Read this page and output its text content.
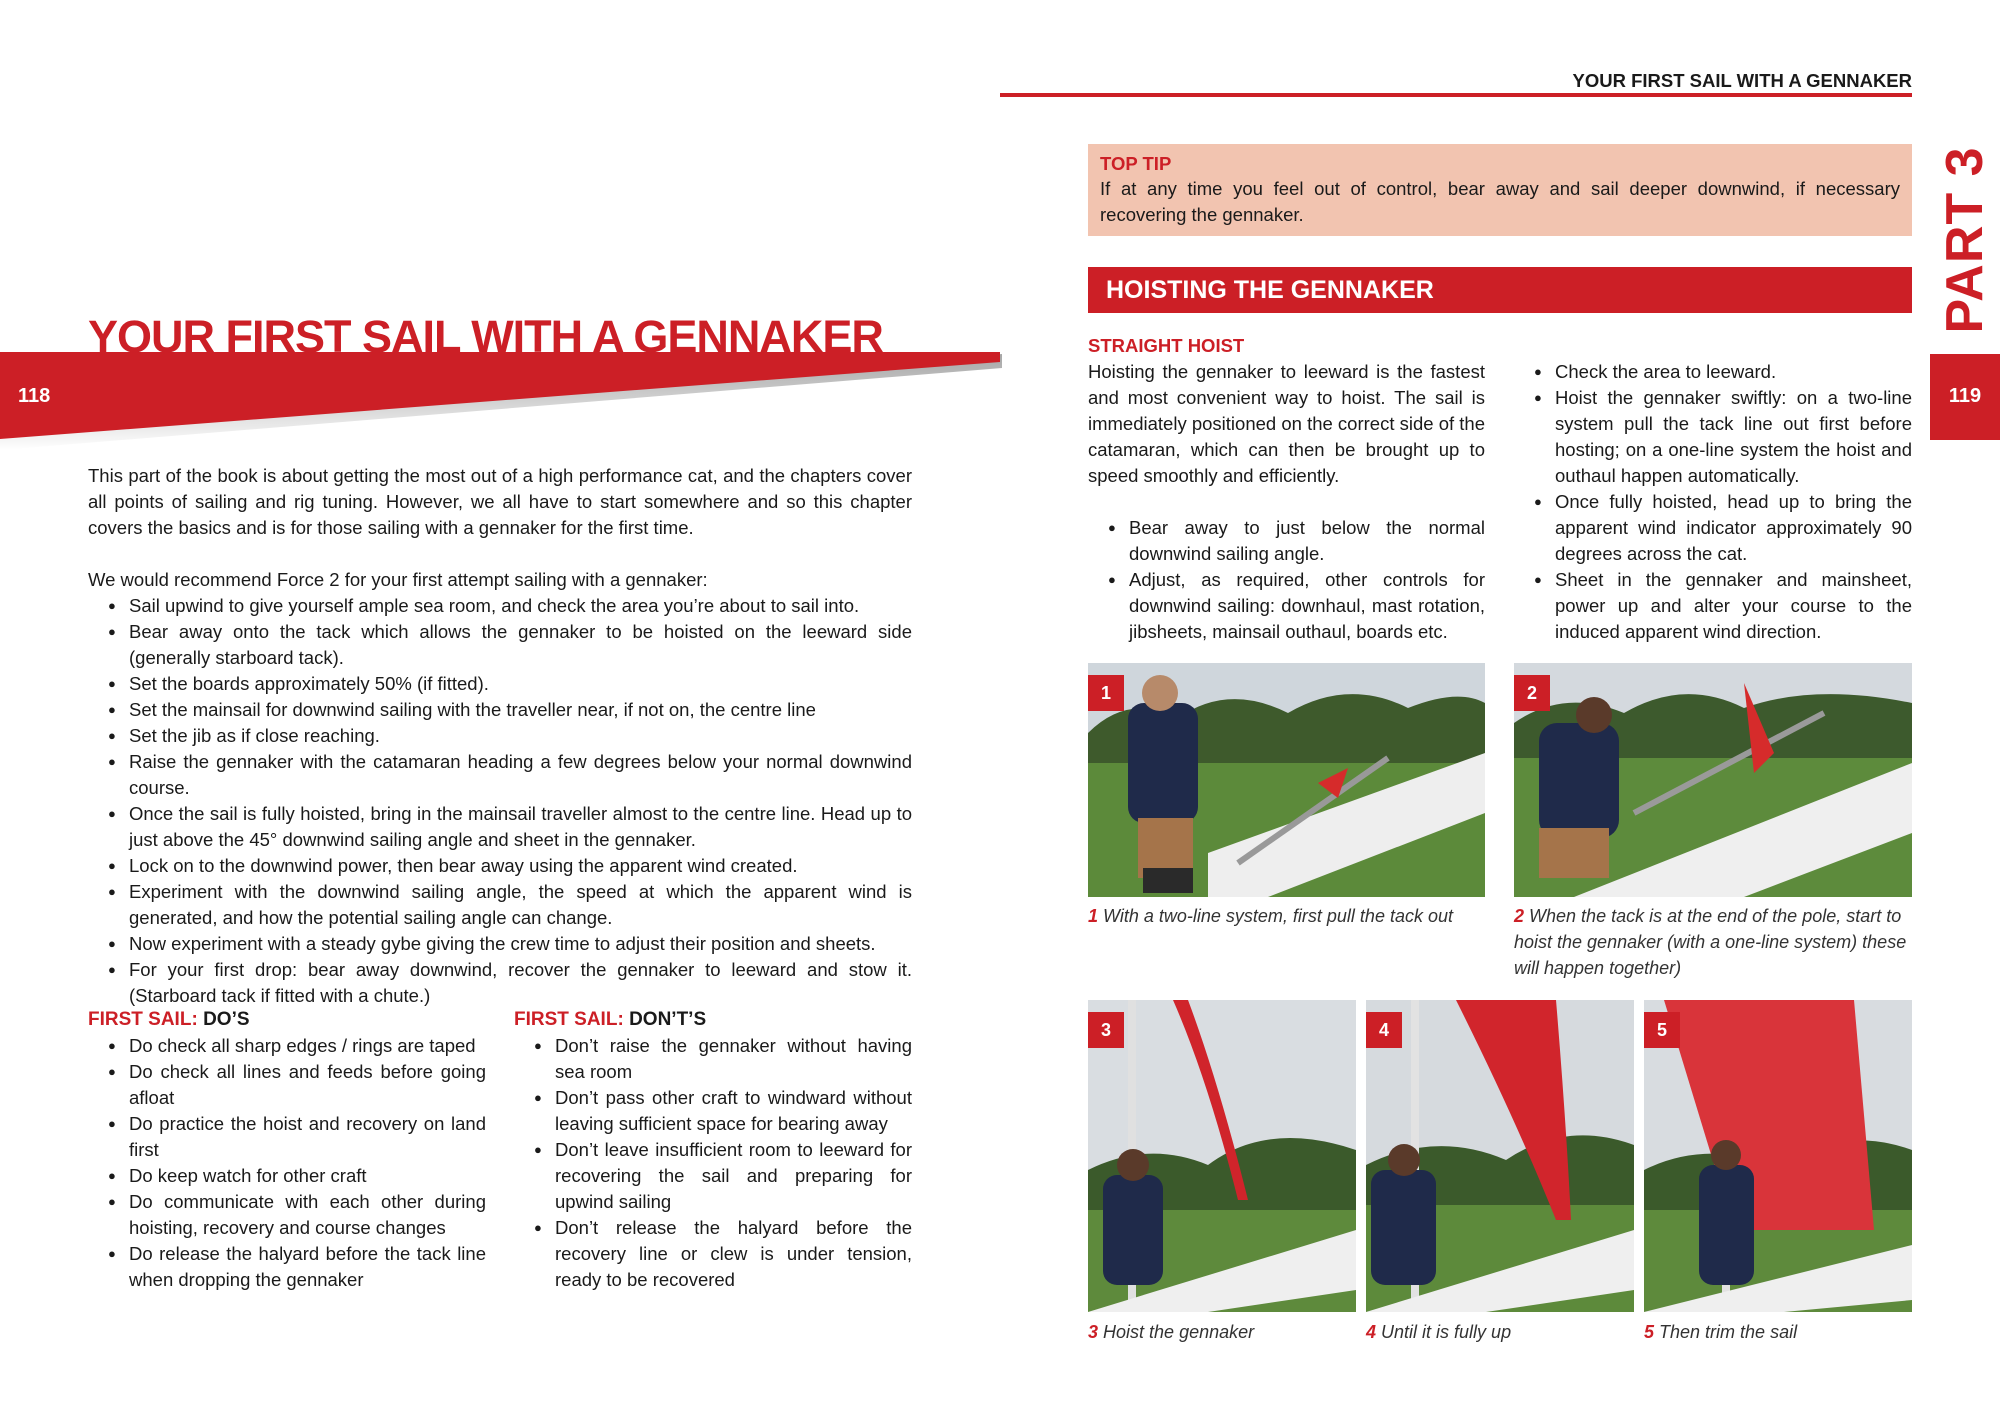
YOUR FIRST SAIL WITH A GENNAKER
118

This part of the book is about getting the most out of a high performance cat, and the chapters cover all points of sailing and rig tuning. However, we all have to start somewhere and so this chapter covers the basics and is for those sailing with a gennaker for the first time.

We would recommend Force 2 for your first attempt sailing with a gennaker:

● Sail upwind to give yourself ample sea room, and check the area you’re about to sail into.
● Bear away onto the tack which allows the gennaker to be hoisted on the leeward side (generally starboard tack).
● Set the boards approximately 50% (if fitted).
● Set the mainsail for downwind sailing with the traveller near, if not on, the centre line
● Set the jib as if close reaching.
● Raise the gennaker with the catamaran heading a few degrees below your normal downwind course.
● Once the sail is fully hoisted, bring in the mainsail traveller almost to the centre line. Head up to just above the 45° downwind sailing angle and sheet in the gennaker.
● Lock on to the downwind power, then bear away using the apparent wind created.
● Experiment with the downwind sailing angle, the speed at which the apparent wind is generated, and how the potential sailing angle can change.
● Now experiment with a steady gybe giving the crew time to adjust their position and sheets.
● For your first drop: bear away downwind, recover the gennaker to leeward and stow it. (Starboard tack if fitted with a chute.)
FIRST SAIL: DO’S
● Do check all sharp edges / rings are taped
● Do check all lines and feeds before going afloat
● Do practice the hoist and recovery on land first
● Do keep watch for other craft
● Do communicate with each other during hoisting, recovery and course changes
● Do release the halyard before the tack line when dropping the gennaker
FIRST SAIL: DON’T’S
● Don’t raise the gennaker without having sea room
● Don’t pass other craft to windward without leaving sufficient space for bearing away
● Don’t leave insufficient room to leeward for recovering the sail and preparing for upwind sailing
● Don’t release the halyard before the recovery line or clew is under tension, ready to be recovered
YOUR FIRST SAIL WITH A GENNAKER
PART 3
119
TOP TIP
If at any time you feel out of control, bear away and sail deeper downwind, if necessary recovering the gennaker.
HOISTING THE GENNAKER
STRAIGHT HOIST

Hoisting the gennaker to leeward is the fastest and most convenient way to hoist. The sail is immediately positioned on the correct side of the catamaran, which can then be brought up to speed smoothly and efficiently.

● Bear away to just below the normal downwind sailing angle.
● Adjust, as required, other controls for downwind sailing: downhaul, mast rotation, jibsheets, mainsail outhaul, boards etc.
● Check the area to leeward.
● Hoist the gennaker swiftly: on a two-line system pull the tack line out first before hosting; on a one-line system the hoist and outhaul happen automatically.
● Once fully hoisted, head up to bring the apparent wind indicator approximately 90 degrees across the cat.
● Sheet in the gennaker and mainsheet, power up and alter your course to the induced apparent wind direction.
1
1 With a two-line system, first pull the tack out
2
2 When the tack is at the end of the pole, start to hoist the gennaker (with a one-line system) these will happen together)
3
3 Hoist the gennaker
4
4 Until it is fully up
5
5 Then trim the sail
